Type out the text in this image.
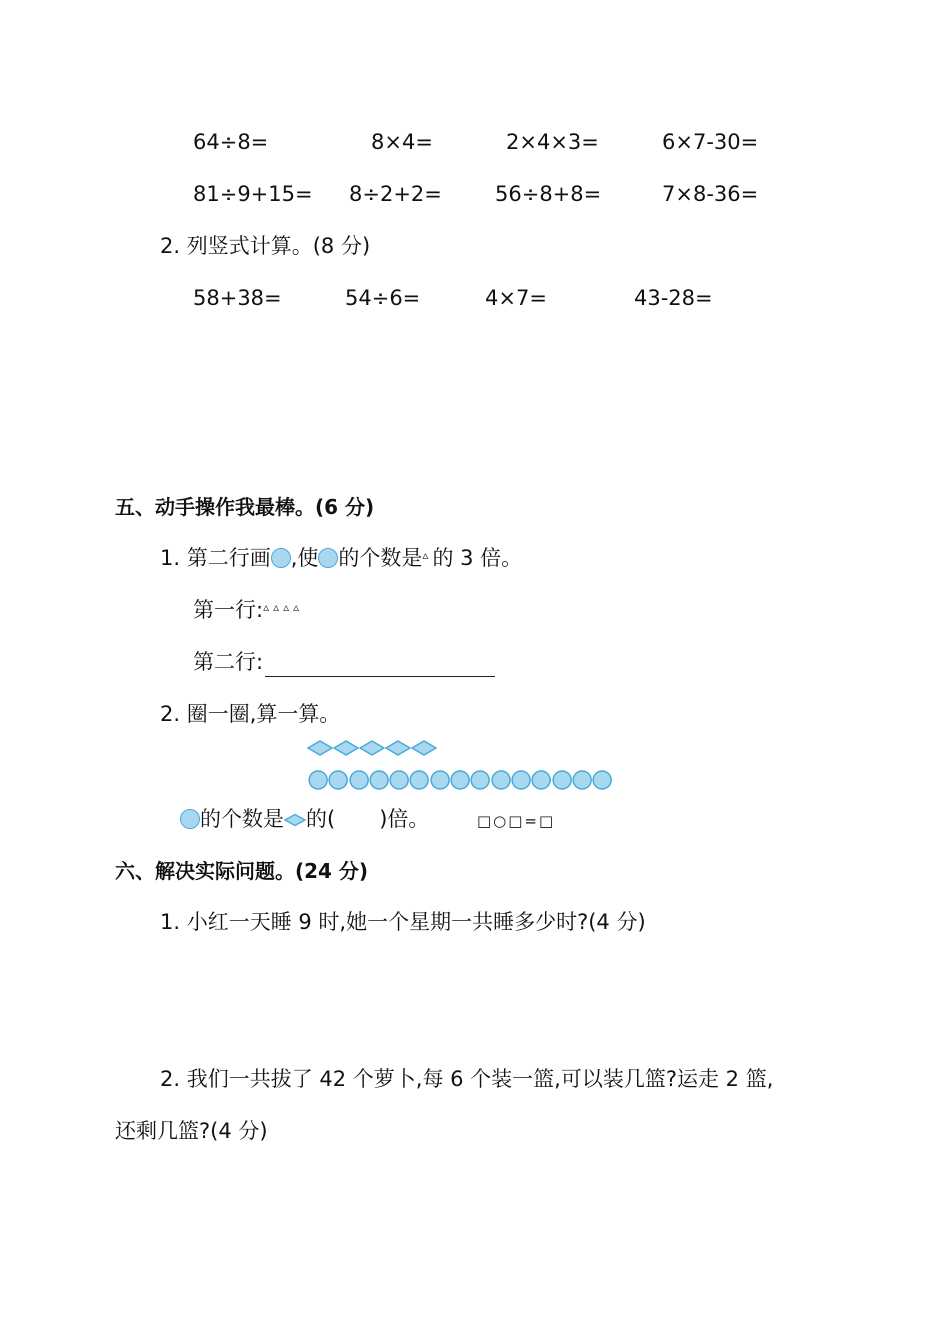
64÷8=	8×4=	2×4×3=	6×7-30=
81÷9+15= 8÷2+2=	56÷8+8=	7×8-36=
2. 列竖式计算。(8 分)
58+38=	54÷6=	4×7=	43-28=
五、动手操作我最棒。(6 分)
1. 第二行画 ,使 的个数是▵的 3 倍。
第一行:▵▵▵▵
第二行:
2. 圈一圈,算一算。
的个数是 的( )倍。	□○□=□
六、解决实际问题。(24 分)
1. 小红一天睡 9 时,她一个星期一共睡多少时?(4 分)
2. 我们一共拔了 42 个萝卜,每 6 个装一篮,可以装几篮?运走 2 篮,
还剩几篮?(4 分)
